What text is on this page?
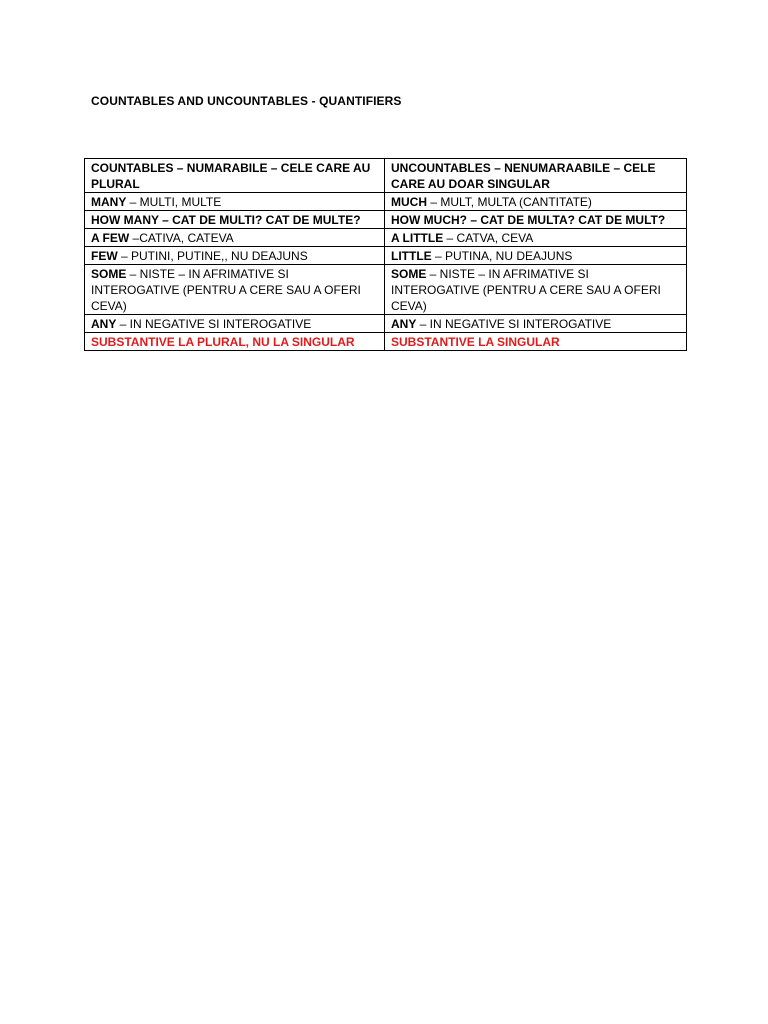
COUNTABLES AND UNCOUNTABLES - QUANTIFIERS
COUNTABLES – NUMARABILE – CELE CARE AU PLURAL	UNCOUNTABLES – NENUMARAABILE – CELE CARE AU DOAR SINGULAR
MANY – MULTI, MULTE	MUCH – MULT, MULTA (CANTITATE)
HOW MANY – CAT DE MULTI? CAT DE MULTE?	HOW MUCH? – CAT DE MULTA? CAT DE MULT?
A FEW –CATIVA, CATEVA	A LITTLE – CATVA, CEVA
FEW – PUTINI, PUTINE,, NU DEAJUNS	LITTLE – PUTINA, NU DEAJUNS
SOME – NISTE – IN AFRIMATIVE SI INTEROGATIVE (PENTRU A CERE SAU A OFERI CEVA)	SOME – NISTE – IN AFRIMATIVE SI INTEROGATIVE (PENTRU A CERE SAU A OFERI CEVA)
ANY – IN NEGATIVE SI INTEROGATIVE	ANY – IN NEGATIVE SI INTEROGATIVE
SUBSTANTIVE LA PLURAL, NU LA SINGULAR	SUBSTANTIVE LA SINGULAR
